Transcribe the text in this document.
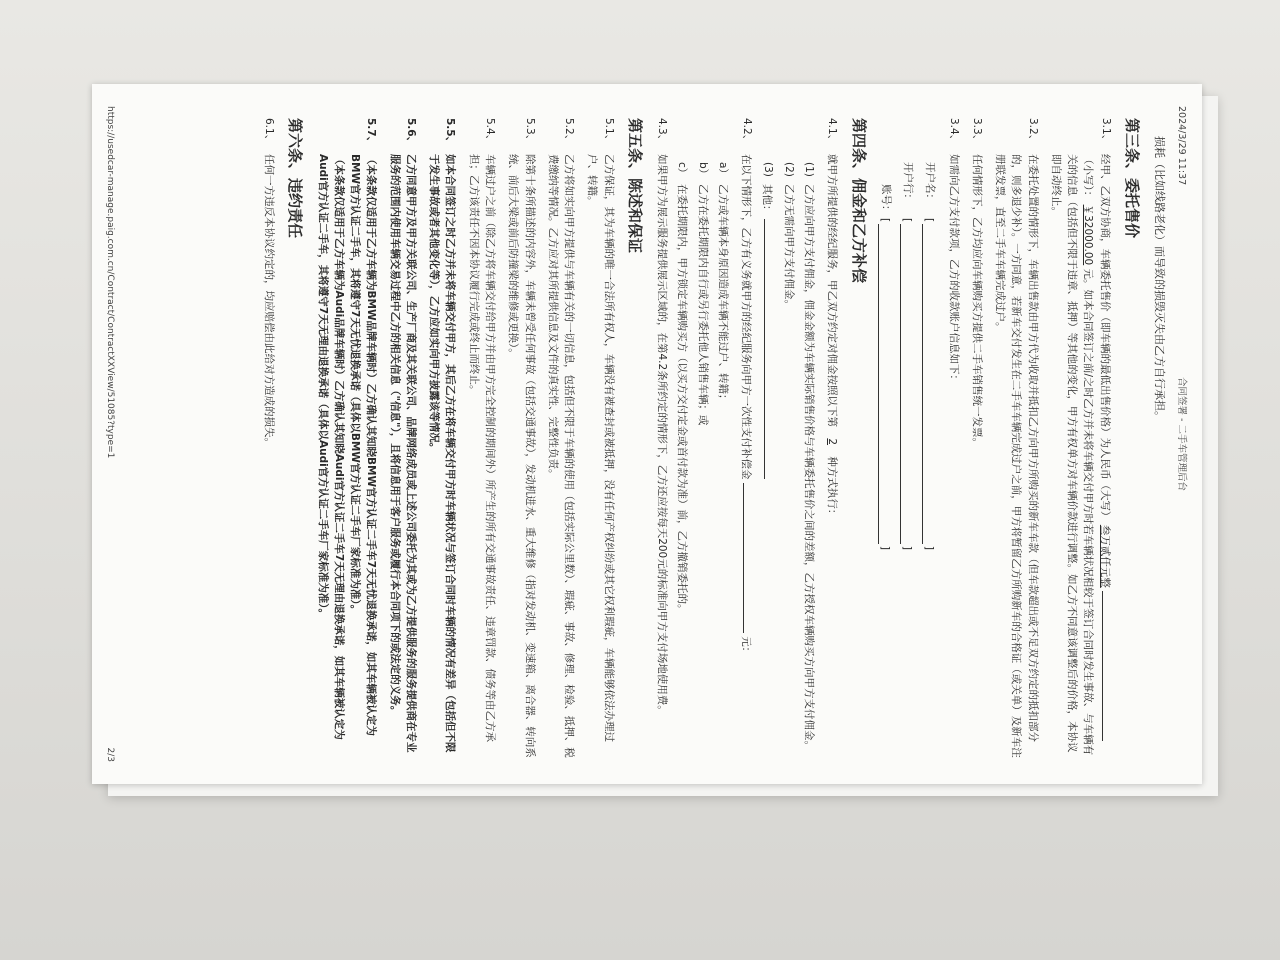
2024/3/29 11:37
合同签署 - 二手车管理后台
损耗（比如线路老化）而导致的损毁灭失由乙方自行承担。
第三条、委托售价
3.1、
经甲、乙双方协商，车辆委托售价（即车辆的最低出售价格）为人民币（大写） 叁万贰仟元整  （小写）： ￥32000.00 元。如本合同签订之前/之时乙方并未将车辆交付甲方时若车辆状况相较于签订合同时发生事故、与车辆有关的信息（包括但不限于违章、抵押）等其他的变化，甲方有权单方对车辆价款进行调整。如乙方不同意该调整后的价格，本协议即自动终止。
3.2、
在委托处置的情形下，车辆出售款由甲方代为收取并抵扣乙方向甲方所购买的新车车款（但车款超出或不足双方约定的抵扣部分的，则多退少补）。一方同意，若新车交付发生在二手车车辆完成过户之前，甲方将暂留乙方所购新车的合格证（或关单）及新车注册联发票，直至二手车车辆完成过户。
3.3、
任何情形下，乙方均应向车辆购买方提供二手车销售统一发票。
3.4、
如需向乙方支付款项，乙方的收款账户信息如下：
开户名：
[ ]
开户行：
[ ]
账号：
[ ]
第四条、佣金和乙方补偿
4.1、
就甲方所提供的经纪服务，甲乙双方约定对佣金按照以下第 2 种方式执行：
(1)
乙方应向甲方支付佣金，佣金金额为车辆实际销售价格与车辆委托售价之间的差额，乙方授权车辆购买方向甲方支付佣金。
(2)
乙方无需向甲方支付佣金。
(3)
其他：
4.2、
在以下情形下，乙方有义务就甲方的经纪服务向甲方一次性支付补偿金  元：
a）
乙方或车辆本身原因造成车辆不能过户、转籍；
b）
乙方在委托期限内自行或另行委托他人销售车辆；或
c）
在委托期限内，甲方锁定车辆购买方（以买方交付定金或首付款为准）前，乙方撤销委托的。
4.3、
如果甲方为展示服务提供展示区域的，在第4.2条所约定的情形下，乙方还应按每天200元的标准向甲方支付场地使用费。
第五条、陈述和保证
5.1、
乙方保证，其为车辆的唯一合法所有权人，车辆没有被查封或被抵押，没有任何产权纠纷或其它权利瑕疵，车辆能够依法办理过户、转籍。
5.2、
乙方将如实向甲方提供与车辆有关的一切信息，包括但不限于车辆的使用（包括实际公里数）、瑕疵、事故、修理、检验、抵押、税费缴纳等情况。乙方应对其所提供信息及文件的真实性、完整性负责。
5.3、
除第十条所描述的内容外，车辆未曾受任何事故（包括交通事故），发动机进水、重大维修（指对发动机、变速箱、离合器、转向系统、前后大梁或前后防撞梁的维修或更换）。
5.4、
车辆过户之前（除乙方将车辆交付给甲方并由甲方完全控制的期间外）所产生的所有交通事故责任、违章罚款、债务等由乙方承担；乙方该责任不因本协议履行完成或终止而终止。
5.5、
如本合同签订之时乙方并未将车辆交付甲方，其后乙方在将车辆交付甲方时车辆状况与签订合同时车辆的情况有差异（包括但不限于发生事故或者其他变化等），乙方应如实向甲方披露该等情况。
5.6、
乙方同意甲方及甲方关联公司、生产厂商及其关联公司、品牌网络成员或上述公司委托为其或为乙方提供服务的服务提供商在专业服务的范围内使用车辆交易过程中乙方的相关信息（"信息"），且将信息用于客户服务或履行本合同项下的或法定的义务。
5.7、
（本条款仅适用于乙方车辆为BMW品牌车辆时）乙方确认其知晓BMW官方认证二手车7天无忧退换承诺，如其车辆被认定为BMW官方认证二手车，其将遵守7天无忧退换承诺（具体以BMW官方认证二手车厂家标准为准）。
（本条款仅适用于乙方车辆为Audi品牌车辆时）乙方确认其知晓Audi官方认证二手车7天无理由退换承诺，如其车辆被认定为Audi官方认证二手车，其将遵守7天无理由退换承诺（具体以Audi官方认证二手车厂家标准为准）。
第六条、违约责任
6.1、
任何一方违反本协议约定的，均应赔偿由此给对方造成的损失。
https://usedcar-manage.paig.com.cn/Contract/ContractXXView/51085?type=1
2/3
